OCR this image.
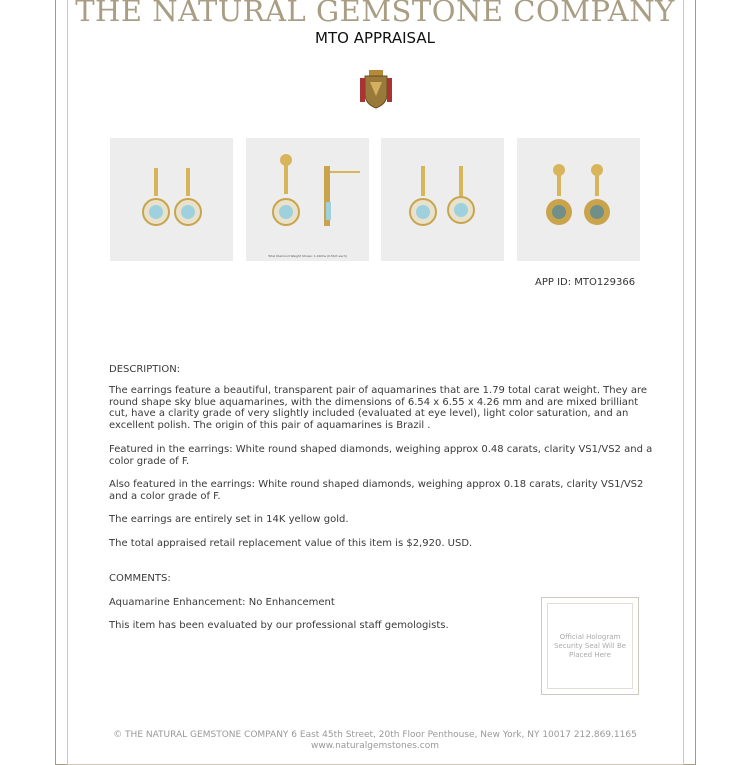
THE NATURAL GEMSTONE COMPANY
MTO APPRAISAL
Total Diamond Weight Shown: 1.00ctw (0.50ct each)
APP ID: MTO129366
DESCRIPTION:
The earrings feature a beautiful, transparent pair of aquamarines that are 1.79 total carat weight. They are round shape sky blue aquamarines, with the dimensions of 6.54 x 6.55 x 4.26 mm and are mixed brilliant cut, have a clarity grade of very slightly included (evaluated at eye level), light color saturation, and an excellent polish. The origin of this pair of aquamarines is Brazil .
Featured in the earrings: White round shaped diamonds, weighing approx 0.48 carats, clarity VS1/VS2 and a color grade of F.
Also featured in the earrings: White round shaped diamonds, weighing approx 0.18 carats, clarity VS1/VS2 and a color grade of F.
The earrings are entirely set in 14K yellow gold.
The total appraised retail replacement value of this item is $2,920. USD.
COMMENTS:
Aquamarine Enhancement: No Enhancement
This item has been evaluated by our professional staff gemologists.
Official Hologram Security Seal Will Be Placed Here
© THE NATURAL GEMSTONE COMPANY 6 East 45th Street, 20th Floor Penthouse, New York, NY 10017 212.869.1165
www.naturalgemstones.com
